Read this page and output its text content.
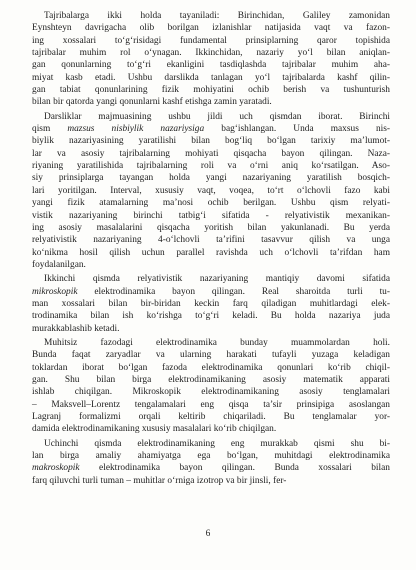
Tajribalarga ikki holda tayaniladi: Birinchidan, Galiley zamonidan
Eynshteyn davrigacha olib borilgan izlanishlar natijasida vaqt va fazon-
ing xossalari to‘g‘risidagi fundamental prinsiplarning qaror topishida
tajribalar muhim rol o‘ynagan. Ikkinchidan, nazariy yo‘l bilan aniqlan-
gan qonunlarning to‘g‘ri ekanligini tasdiqlashda tajribalar muhim aha-
miyat kasb etadi. Ushbu darslikda tanlagan yo‘l tajribalarda kashf qilin-
gan tabiat qonunlarining fizik mohiyatini ochib berish va tushunturish
bilan bir qatorda yangi qonunlarni kashf etishga zamin yaratadi.
Darsliklar majmuasining ushbu jildi uch qismdan iborat. Birinchi
qism mazsus nisbiylik nazariysiga bag‘ishlangan. Unda maxsus nis-
biylik nazariyasining yaratilishi bilan bog‘liq bo‘lgan tarixiy ma’lumot-
lar va asosiy tajribalarning mohiyati qisqacha bayon qilingan. Naza-
riyaning yaratilishida tajribalarning roli va o‘rni aniq ko‘rsatilgan. Aso-
siy prinsiplarga tayangan holda yangi nazariyaning yaratilish bosqich-
lari yoritilgan. Interval, xususiy vaqt, voqea, to‘rt o‘lchovli fazo kabi
yangi fizik atamalarning ma’nosi ochib berilgan. Ushbu qism relyati-
vistik nazariyaning birinchi tatbig‘i sifatida - relyativistik mexanikan-
ing asosiy masalalarini qisqacha yoritish bilan yakunlanadi. Bu yerda
relyativistik nazariyaning 4-o‘lchovli ta’rifini tasavvur qilish va unga
ko‘nikma hosil qilish uchun parallel ravishda uch o‘lchovli ta’rifdan ham
foydalanilgan.
Ikkinchi qismda relyativistik nazariyaning mantiqiy davomi sifatida
mikroskopik elektrodinamika bayon qilingan. Real sharoitda turli tu-
man xossalari bilan bir-biridan keckin farq qiladigan muhitlardagi elek-
trodinamika bilan ish ko‘rishga to‘g‘ri keladi. Bu holda nazariya juda
murakkablashib ketadi.
Muhitsiz fazodagi elektrodinamika bunday muammolardan holi.
Bunda faqat zaryadlar va ularning harakati tufayli yuzaga keladigan
toklardan iborat bo‘lgan fazoda elektrodinamika qonunlari ko‘rib chiqil-
gan. Shu bilan birga elektrodinamikaning asosiy matematik apparati
ishlab chiqilgan. Mikroskopik elektrodinamikaning asosiy tenglamalari
– Maksvell–Lorentz tengalamalari eng qisqa ta’sir prinsipiga asoslangan
Lagranj formalizmi orqali keltirib chiqariladi. Bu tenglamalar yor-
damida elektrodinamikaning xususiy masalalari ko‘rib chiqilgan.
Uchinchi qismda elektrodinamikaning eng murakkab qismi shu bi-
lan birga amaliy ahamiyatga ega bo‘lgan, muhitdagi elektrodinamika
makroskopik elektrodinamika bayon qilingan. Bunda xossalari bilan
farq qiluvchi turli tuman – muhitlar o‘rniga izotrop va bir jinsli, fer-
6
